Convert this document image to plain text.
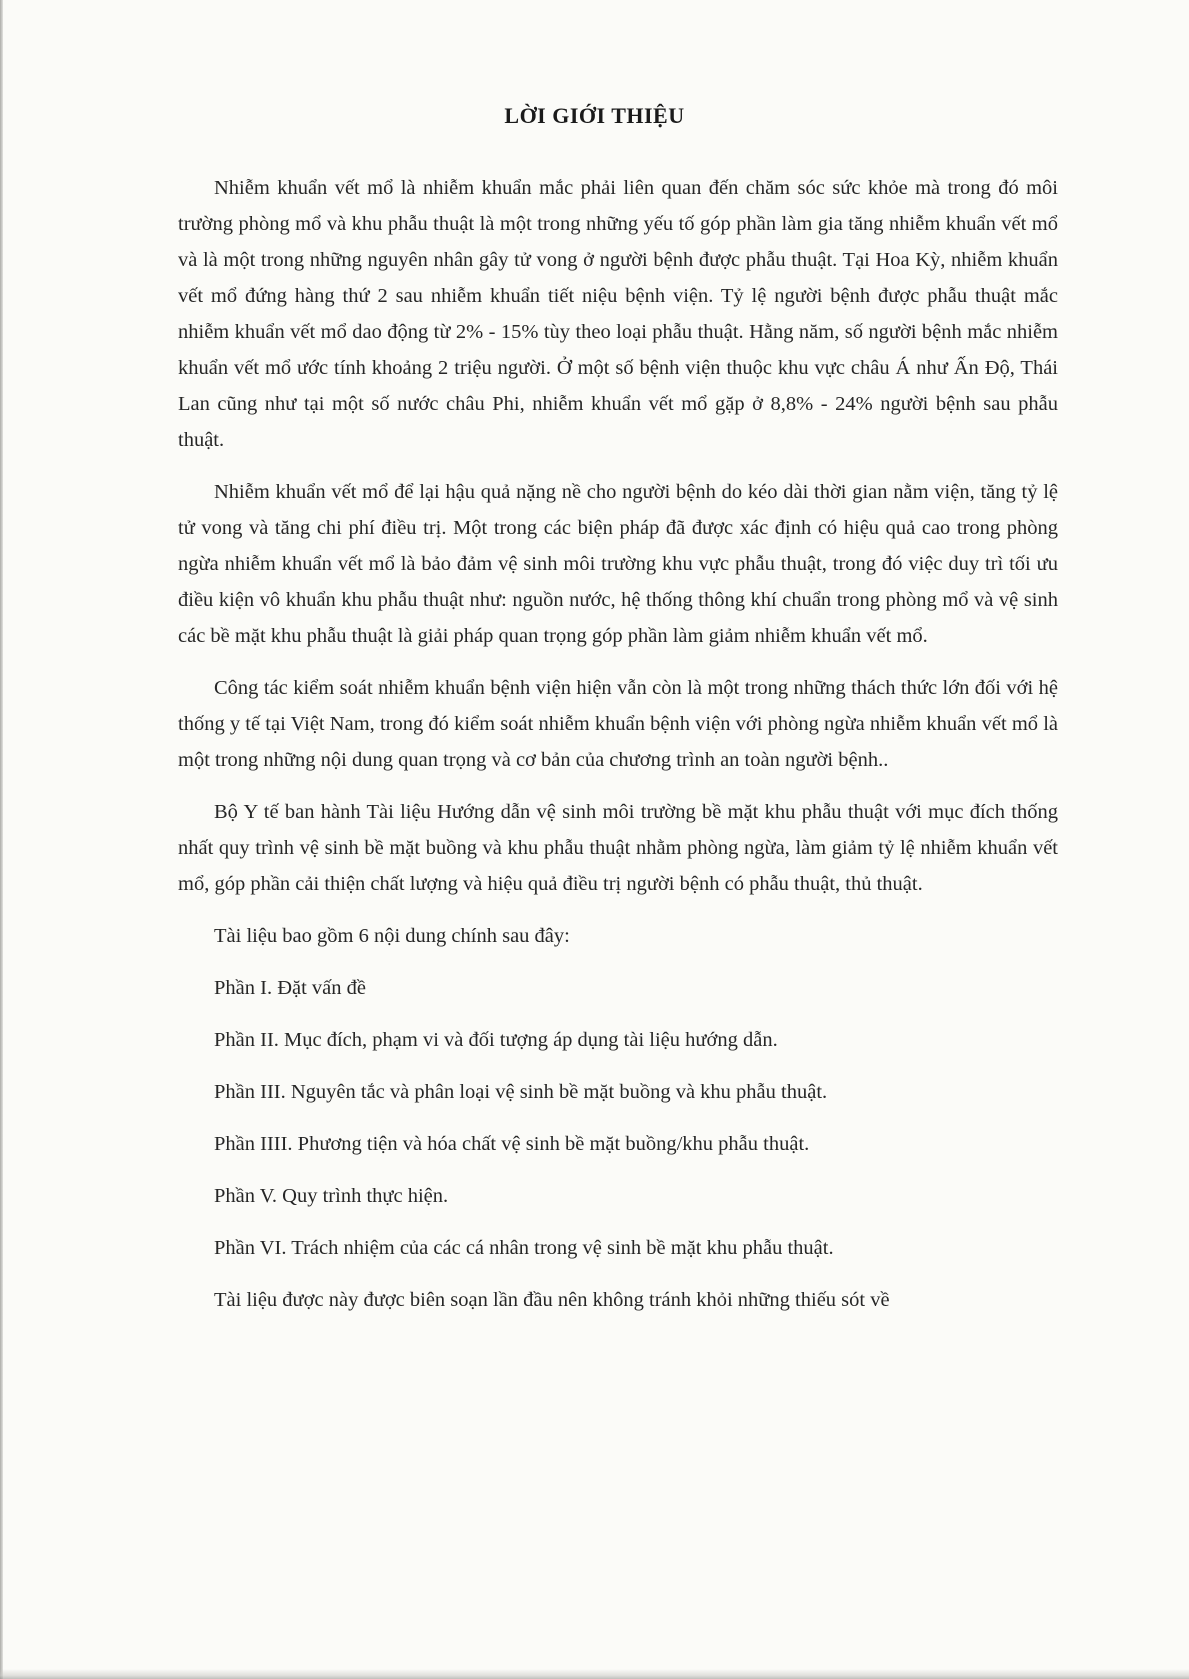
LỜI GIỚI THIỆU

Nhiễm khuẩn vết mổ là nhiễm khuẩn mắc phải liên quan đến chăm sóc sức khỏe mà trong đó môi trường phòng mổ và khu phẫu thuật là một trong những yếu tố góp phần làm gia tăng nhiễm khuẩn vết mổ và là một trong những nguyên nhân gây tử vong ở người bệnh được phẫu thuật. Tại Hoa Kỳ, nhiễm khuẩn vết mổ đứng hàng thứ 2 sau nhiễm khuẩn tiết niệu bệnh viện. Tỷ lệ người bệnh được phẫu thuật mắc nhiễm khuẩn vết mổ dao động từ 2% - 15% tùy theo loại phẫu thuật. Hằng năm, số người bệnh mắc nhiễm khuẩn vết mổ ước tính khoảng 2 triệu người. Ở một số bệnh viện thuộc khu vực châu Á như Ấn Độ, Thái Lan cũng như tại một số nước châu Phi, nhiễm khuẩn vết mổ gặp ở 8,8% - 24% người bệnh sau phẫu thuật.

Nhiễm khuẩn vết mổ để lại hậu quả nặng nề cho người bệnh do kéo dài thời gian nằm viện, tăng tỷ lệ tử vong và tăng chi phí điều trị. Một trong các biện pháp đã được xác định có hiệu quả cao trong phòng ngừa nhiễm khuẩn vết mổ là bảo đảm vệ sinh môi trường khu vực phẫu thuật, trong đó việc duy trì tối ưu điều kiện vô khuẩn khu phẫu thuật như: nguồn nước, hệ thống thông khí chuẩn trong phòng mổ và vệ sinh các bề mặt khu phẫu thuật là giải pháp quan trọng góp phần làm giảm nhiễm khuẩn vết mổ.

Công tác kiểm soát nhiễm khuẩn bệnh viện hiện vẫn còn là một trong những thách thức lớn đối với hệ thống y tế tại Việt Nam, trong đó kiểm soát nhiễm khuẩn bệnh viện với phòng ngừa nhiễm khuẩn vết mổ là một trong những nội dung quan trọng và cơ bản của chương trình an toàn người bệnh..

Bộ Y tế ban hành Tài liệu Hướng dẫn vệ sinh môi trường bề mặt khu phẫu thuật với mục đích thống nhất quy trình vệ sinh bề mặt buồng và khu phẫu thuật nhằm phòng ngừa, làm giảm tỷ lệ nhiễm khuẩn vết mổ, góp phần cải thiện chất lượng và hiệu quả điều trị người bệnh có phẫu thuật, thủ thuật.

Tài liệu bao gồm 6 nội dung chính sau đây:

Phần I. Đặt vấn đề

Phần II. Mục đích, phạm vi và đối tượng áp dụng tài liệu hướng dẫn.

Phần III. Nguyên tắc và phân loại vệ sinh bề mặt buồng và khu phẫu thuật.

Phần IIII. Phương tiện và hóa chất vệ sinh bề mặt buồng/khu phẫu thuật.

Phần V. Quy trình thực hiện.

Phần VI. Trách nhiệm của các cá nhân trong vệ sinh bề mặt khu phẫu thuật.

Tài liệu được này được biên soạn lần đầu nên không tránh khỏi những thiếu sót về
